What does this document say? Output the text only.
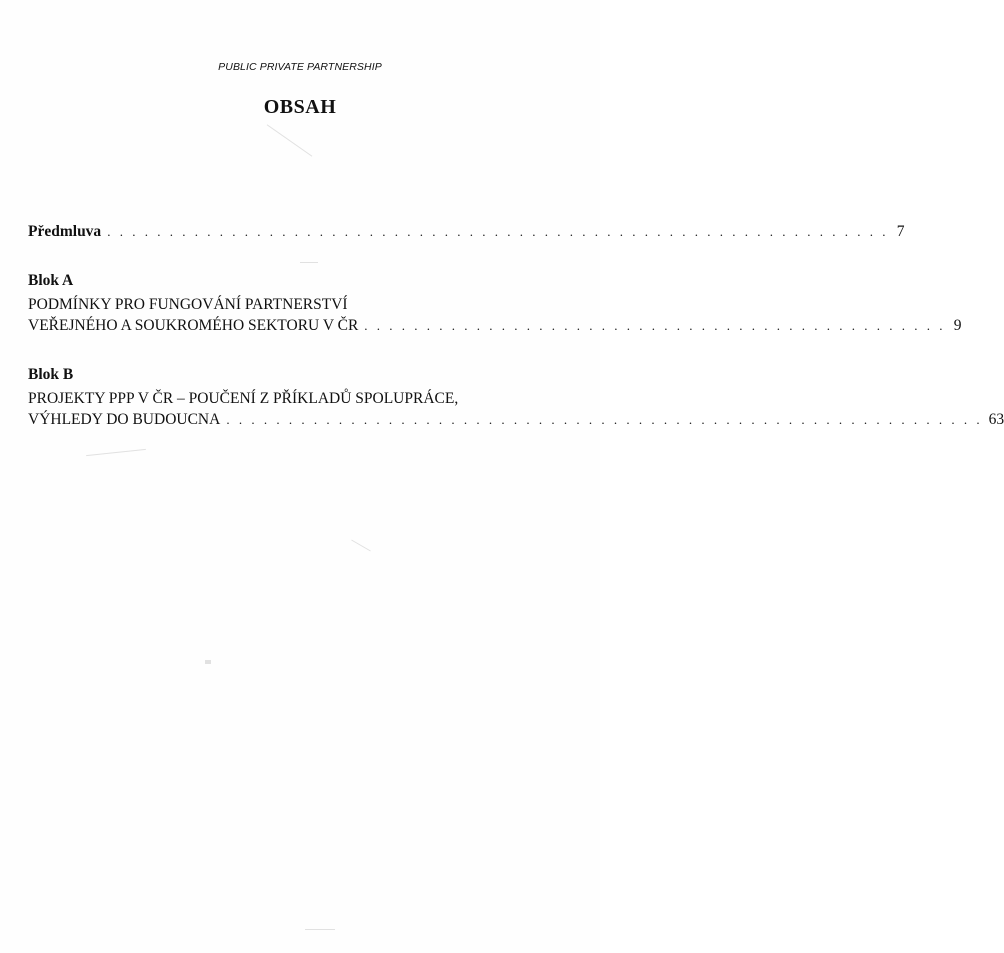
PUBLIC PRIVATE PARTNERSHIP
OBSAH
Předmluva . . . . . . . . . . . . . . . . . . . . . . . . . . . . . . . . . . . . . . . . . . . . . . . . . . . . . . . . . . . . . . . 7
Blok A
PODMÍNKY PRO FUNGOVÁNÍ PARTNERSTVÍ
VEŘEJNÉHO A SOUKROMÉHO SEKTORU V ČR . . . . . . . . . . . . . . . . . . . . . . . . . . . . . . . . . . . . . . . . . . . . . . . 9
Blok B
PROJEKTY PPP V ČR – POUČENÍ Z PŘÍKLADŮ SPOLUPRÁCE,
VÝHLEDY DO BUDOUCNA . . . . . . . . . . . . . . . . . . . . . . . . . . . . . . . . . . . . . . . . . . . . . . . . . . . . . . . . . . . . . 63
